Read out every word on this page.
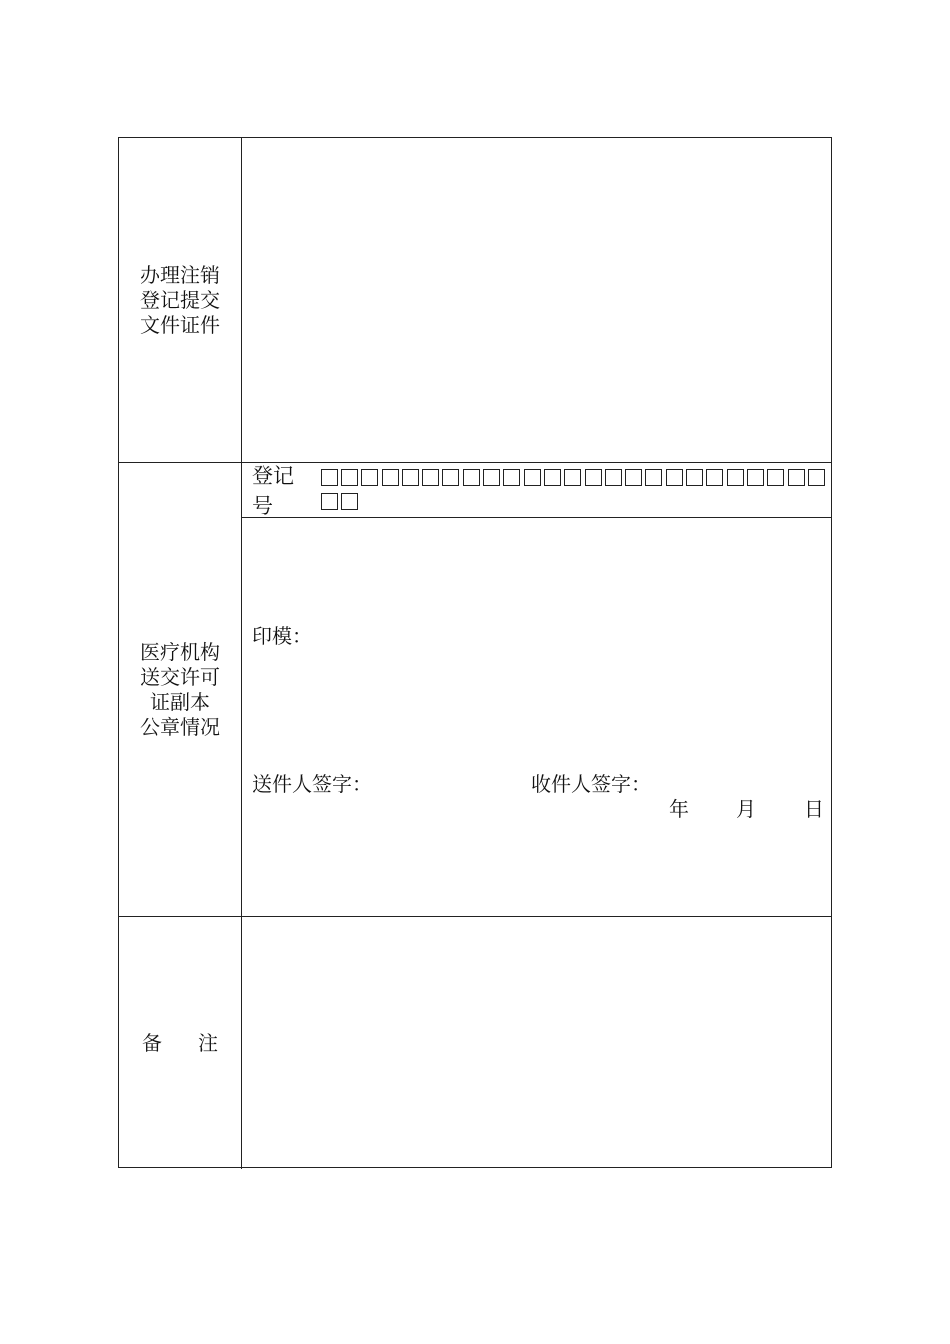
办理注销
登记提交
文件证件
医疗机构
送交许可
证副本
公章情况
登记号
印模：
送件人签字：	收件人签字：
年 月 日
备 注
